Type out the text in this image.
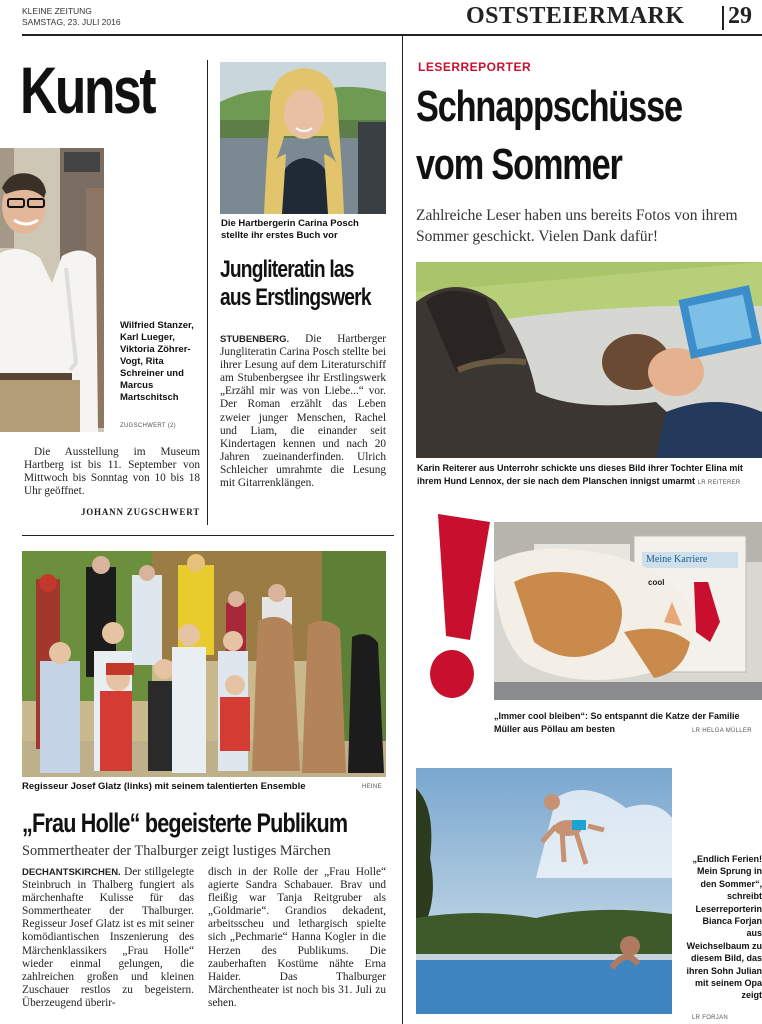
KLEINE ZEITUNG
SAMSTAG, 23. JULI 2016	OSTSTEIERMARK 29
Kunst
Wilfried Stanzer, Karl Lueger, Viktoria Zöhrer-Vogt, Rita Schreiner und Marcus Martschitsch
ZUGSCHWERT (2)
Die Ausstellung im Museum Hartberg ist bis 11. September von Mittwoch bis Sonntag von 10 bis 18 Uhr geöffnet.
JOHANN ZUGSCHWERT
Die Hartbergerin Carina Posch stellte ihr erstes Buch vor
Jungliteratin las aus Erstlingswerk
STUBENBERG. Die Hartberger Jungliteratin Carina Posch stellte bei ihrer Lesung auf dem Literaturschiff am Stubenbergsee ihr Erstlingswerk „Erzähl mir was von Liebe...“ vor. Der Roman erzählt das Leben zweier junger Menschen, Rachel und Liam, die einander seit Kindertagen kennen und nach 20 Jahren zueinanderfinden. Ulrich Schleicher umrahmte die Lesung mit Gitarrenklängen.
Regisseur Josef Glatz (links) mit seinem talentierten Ensemble	HEINE
„Frau Holle“ begeisterte Publikum
Sommertheater der Thalburger zeigt lustiges Märchen
DECHANTSKIRCHEN. Der stillgelegte Steinbruch in Thalberg fungiert als märchenhafte Kulisse für das Sommertheater der Thalburger. Regisseur Josef Glatz ist es mit seiner komödiantischen Inszenierung des Märchenklassikers „Frau Holle“ wieder einmal gelungen, die zahlreichen großen und kleinen Zuschauer restlos zu begeistern. Überzeugend überir-
disch in der Rolle der „Frau Holle“ agierte Sandra Schabauer. Brav und fleißig war Tanja Reitgruber als „Goldmarie“. Grandios dekadent, arbeitsscheu und lethargisch spielte sich „Pechmarie“ Hanna Kogler in die Herzen des Publikums. Die zauberhaften Kostüme nähte Erna Haider. Das Thalburger Märchentheater ist noch bis 31. Juli zu sehen.
LESERREPORTER
Schnappschüsse
vom Sommer
Zahlreiche Leser haben uns bereits Fotos von ihrem Sommer geschickt. Vielen Dank dafür!
Karin Reiterer aus Unterrohr schickte uns dieses Bild ihrer Tochter Elina mit ihrem Hund Lennox, der sie nach dem Planschen innigst umarmt LR REITERER
Meine Karriere
cool
„Immer cool bleiben“: So entspannt die Katze der Familie Müller aus Pöllau am besten	LR HELGA MÜLLER
„Endlich Ferien! Mein Sprung in den Sommer“, schreibt Leserreporterin Bianca Forjan aus Weichselbaum zu diesem Bild, das ihren Sohn Julian mit seinem Opa zeigt
LR FORJAN
